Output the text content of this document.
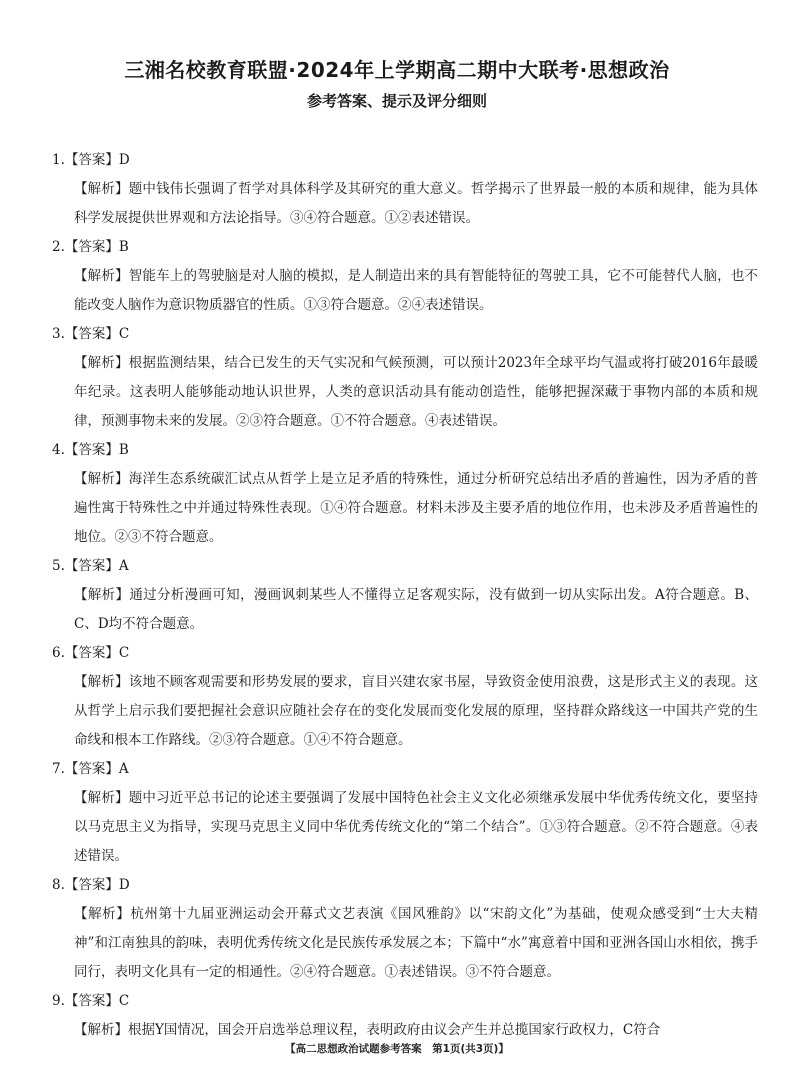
三湘名校教育联盟·2024年上学期高二期中大联考·思想政治
参考答案、提示及评分细则
1.【答案】D
【解析】题中钱伟长强调了哲学对具体科学及其研究的重大意义。哲学揭示了世界最一般的本质和规律，能为具体科学发展提供世界观和方法论指导。③④符合题意。①②表述错误。
2.【答案】B
【解析】智能车上的驾驶脑是对人脑的模拟，是人制造出来的具有智能特征的驾驶工具，它不可能替代人脑，也不能改变人脑作为意识物质器官的性质。①③符合题意。②④表述错误。
3.【答案】C
【解析】根据监测结果，结合已发生的天气实况和气候预测，可以预计2023年全球平均气温或将打破2016年最暖年纪录。这表明人能够能动地认识世界，人类的意识活动具有能动创造性，能够把握深藏于事物内部的本质和规律，预测事物未来的发展。②③符合题意。①不符合题意。④表述错误。
4.【答案】B
【解析】海洋生态系统碳汇试点从哲学上是立足矛盾的特殊性，通过分析研究总结出矛盾的普遍性，因为矛盾的普遍性寓于特殊性之中并通过特殊性表现。①④符合题意。材料未涉及主要矛盾的地位作用，也未涉及矛盾普遍性的地位。②③不符合题意。
5.【答案】A
【解析】通过分析漫画可知，漫画讽刺某些人不懂得立足客观实际，没有做到一切从实际出发。A符合题意。B、C、D均不符合题意。
6.【答案】C
【解析】该地不顾客观需要和形势发展的要求，盲目兴建农家书屋，导致资金使用浪费，这是形式主义的表现。这从哲学上启示我们要把握社会意识应随社会存在的变化发展而变化发展的原理，坚持群众路线这一中国共产党的生命线和根本工作路线。②③符合题意。①④不符合题意。
7.【答案】A
【解析】题中习近平总书记的论述主要强调了发展中国特色社会主义文化必须继承发展中华优秀传统文化，要坚持以马克思主义为指导，实现马克思主义同中华优秀传统文化的“第二个结合”。①③符合题意。②不符合题意。④表述错误。
8.【答案】D
【解析】杭州第十九届亚洲运动会开幕式文艺表演《国风雅韵》以“宋韵文化”为基础，使观众感受到“士大夫精神”和江南独具的韵味，表明优秀传统文化是民族传承发展之本；下篇中“水”寓意着中国和亚洲各国山水相依，携手同行，表明文化具有一定的相通性。②④符合题意。①表述错误。③不符合题意。
9.【答案】C
【解析】根据Y国情况，国会开启选举总理议程，表明政府由议会产生并总揽国家行政权力，C符合
【高二思想政治试题参考答案　第1页(共3页)】
